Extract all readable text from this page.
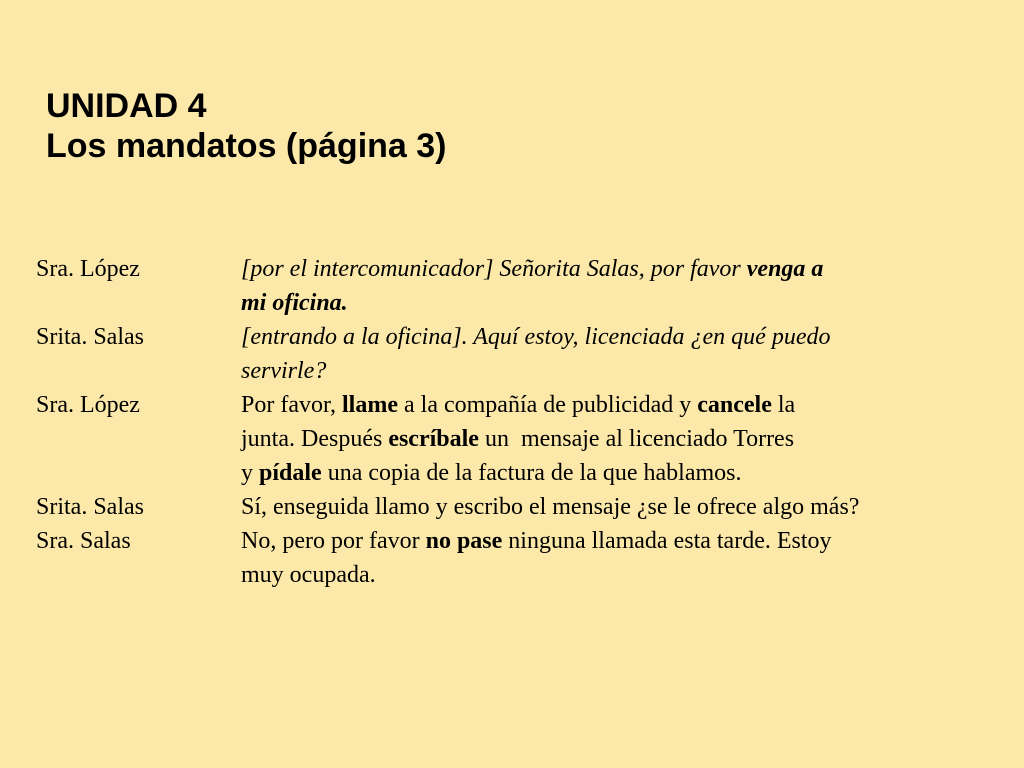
UNIDAD 4
Los mandatos (página 3)
Sra. López	[por el intercomunicador] Señorita Salas, por favor venga a
mi oficina.
Srita. Salas	[entrando a la oficina]. Aquí estoy, licenciada ¿en qué puedo
servirle?
Sra. López	Por favor, llame a la compañía de publicidad y cancele la
junta. Después escríbale un  mensaje al licenciado Torres
y pídale una copia de la factura de la que hablamos.
Srita. Salas	Sí, enseguida llamo y escribo el mensaje ¿se le ofrece algo más?
Sra. Salas	No, pero por favor no pase ninguna llamada esta tarde. Estoy
muy ocupada.
